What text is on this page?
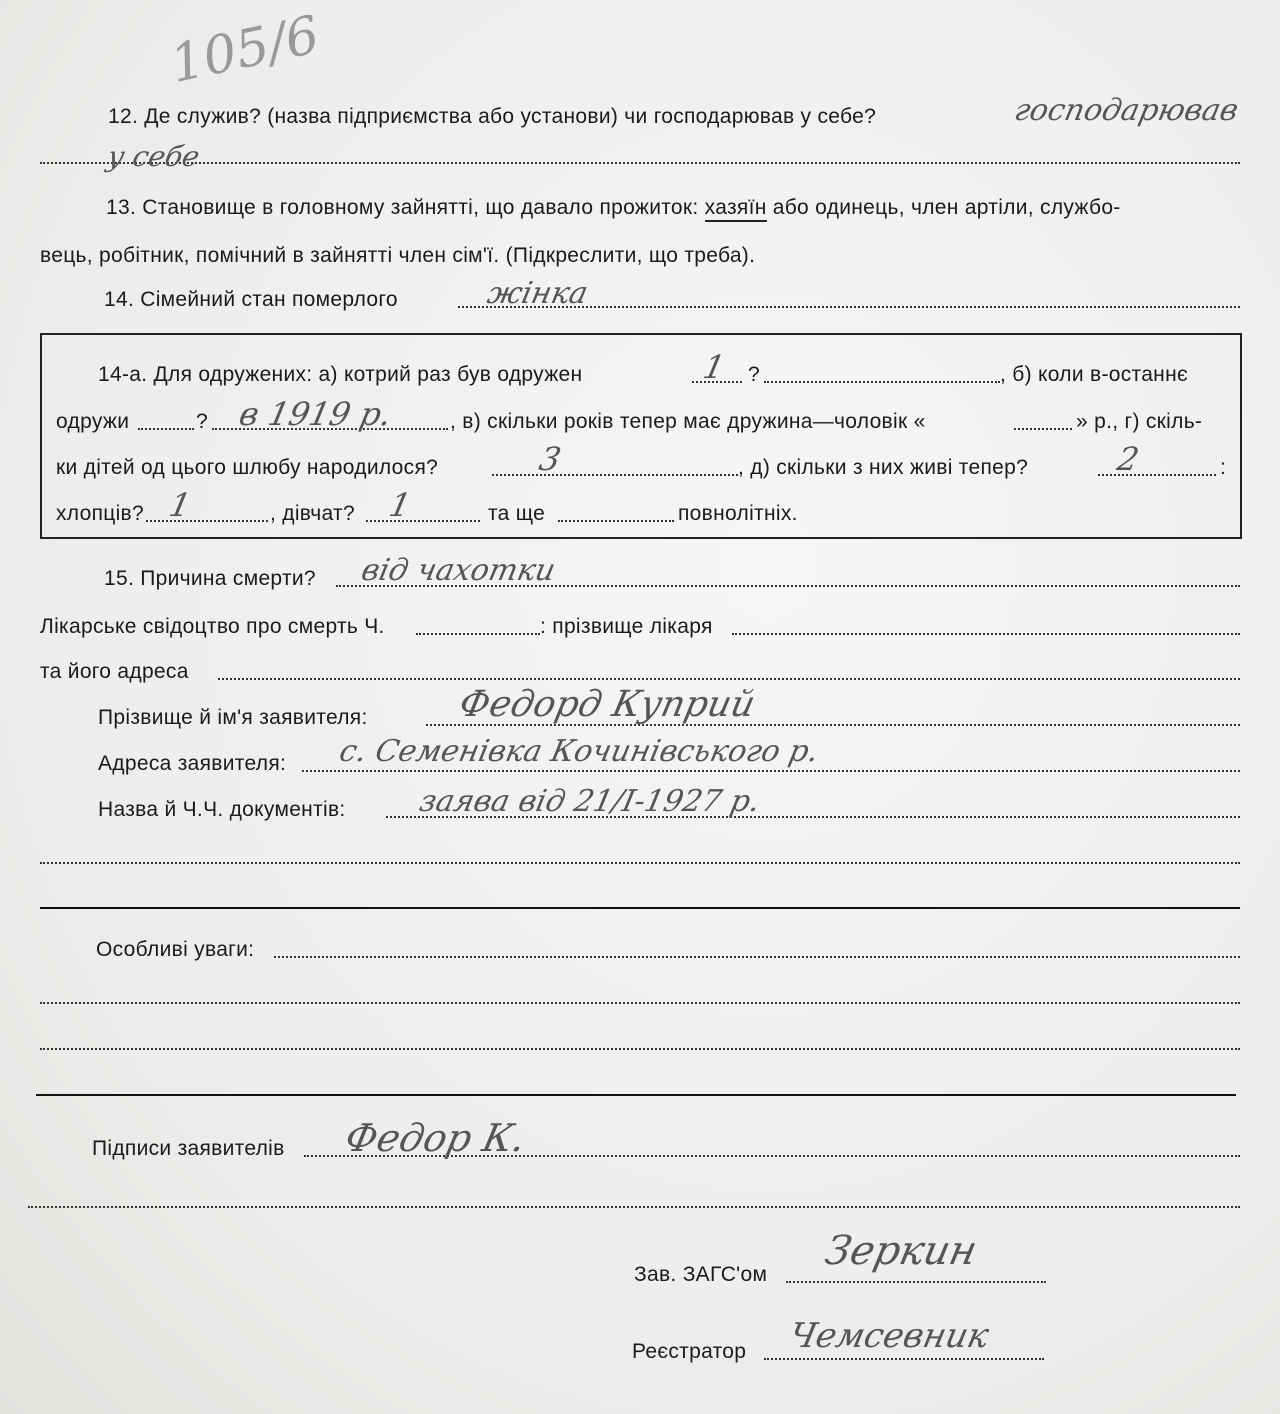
105/6
12. Де служив? (назва підприємства або установи) чи господарював у себе?	господарював
у себе
13. Становище в головному зайнятті, що давало прожиток: хазяїн або одинець, член артіли, службо-
вець, робітник, помічний в зайнятті член сім'ї. (Підкреслити, що треба).
14. Сімейний стан померлого	жінка
14-а. Для одружених: а) котрий раз був одружен	1 ?	, б) коли в-останнє
одружи	? в 1919 р.	, в) скільки років тепер має дружина—чоловік «	» р., г) скіль-
ки дітей од цього шлюбу народилося?	3	, д) скільки з них живі тепер?	2	:
хлопців? 1	, дівчат? 1	та ще	повнолітніх.
15. Причина смерти? від чахотки
Лікарське свідоцтво про смерть Ч.	: прізвище лікаря
та його адреса
Прізвище й ім'я заявителя: Федорд Куприй
Адреса заявителя: с. Семенівка Кочинівського р.
Назва й Ч.Ч. документів: заява від 21/I-1927 р.
Особливі уваги:
Підписи заявителів Федор К.
Зав. ЗАГС'ом
Зеркин
Реєстратор Чемсевник
